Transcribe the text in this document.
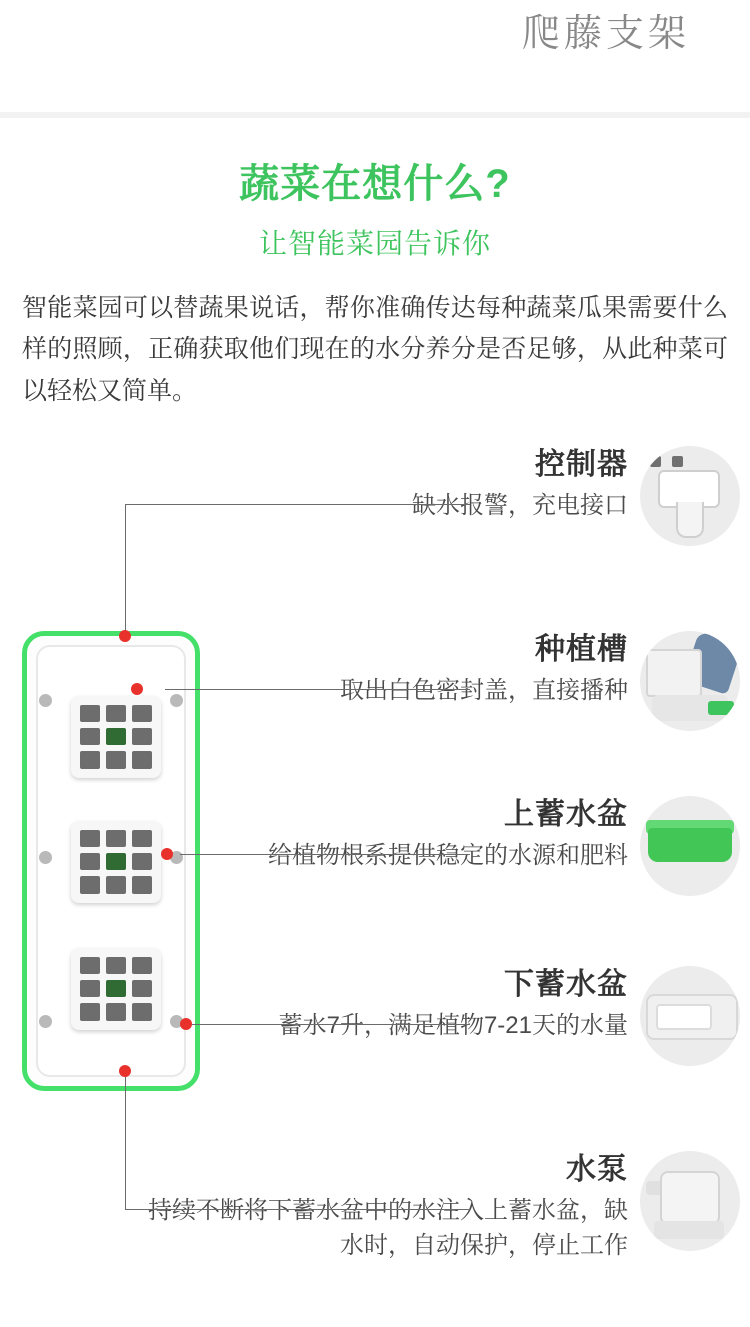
爬藤支架
蔬菜在想什么?
让智能菜园告诉你

智能菜园可以替蔬果说话，帮你准确传达每种蔬菜瓜果需要什么样的照顾，正确获取他们现在的水分养分是否足够，从此种菜可以轻松又简单。

控制器
缺水报警，充电接口
种植槽
取出白色密封盖，直接播种
上蓄水盆
给植物根系提供稳定的水源和肥料
下蓄水盆
蓄水7升，满足植物7-21天的水量
水泵
持续不断将下蓄水盆中的水注入上蓄水盆，缺水时，自动保护，停止工作
